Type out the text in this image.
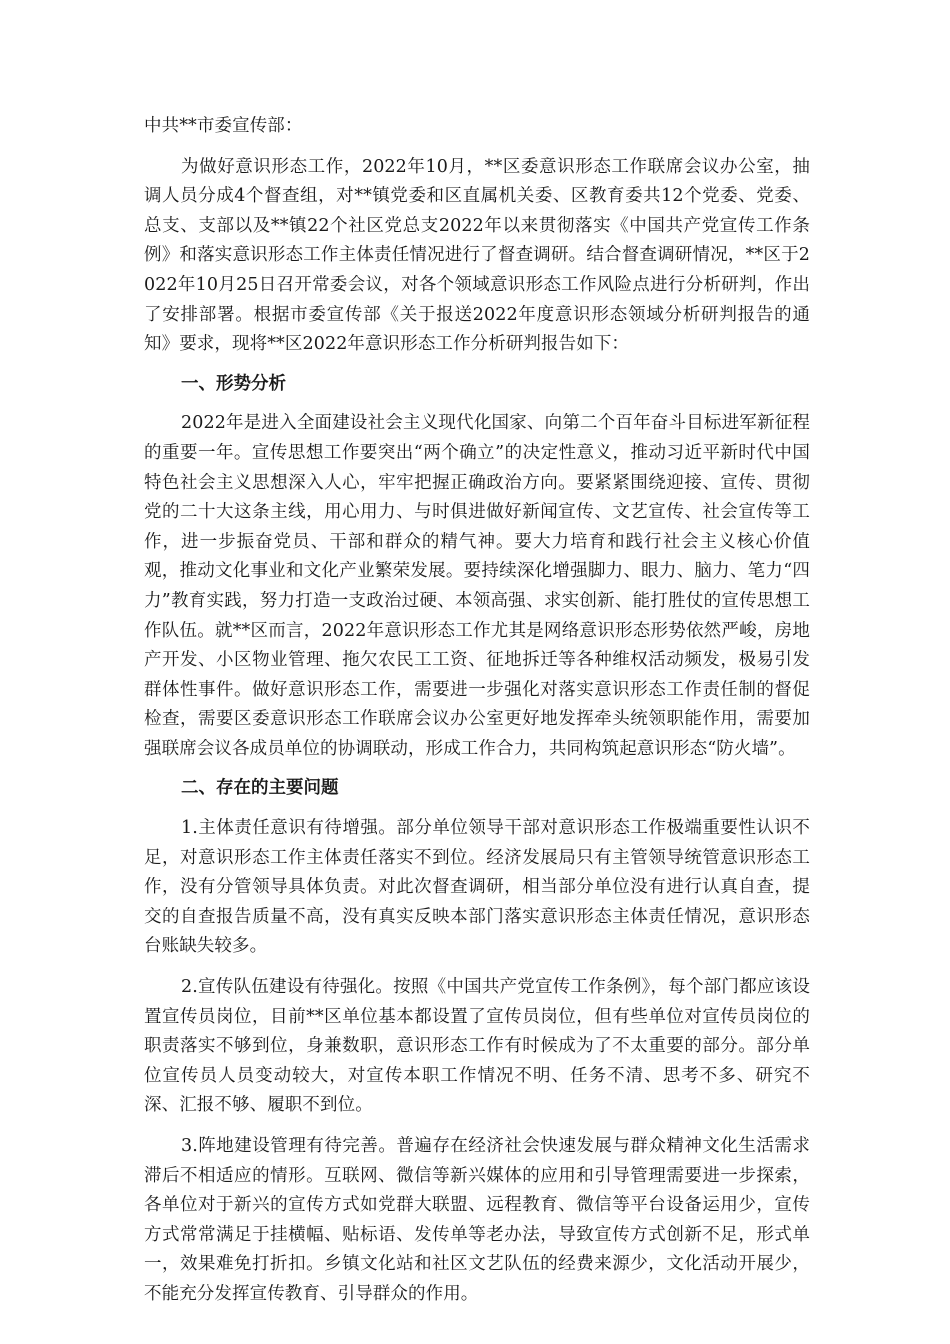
中共**市委宣传部：

为做好意识形态工作，2022年10月，**区委意识形态工作联席会议办公室，抽调人员分成4个督查组，对**镇党委和区直属机关委、区教育委共12个党委、党委、总支、支部以及**镇22个社区党总支2022年以来贯彻落实《中国共产党宣传工作条例》和落实意识形态工作主体责任情况进行了督查调研。结合督查调研情况，**区于2022年10月25日召开常委会议，对各个领域意识形态工作风险点进行分析研判，作出了安排部署。根据市委宣传部《关于报送2022年度意识形态领域分析研判报告的通知》要求，现将**区2022年意识形态工作分析研判报告如下：

一、形势分析

2022年是进入全面建设社会主义现代化国家、向第二个百年奋斗目标进军新征程的重要一年。宣传思想工作要突出“两个确立”的决定性意义，推动习近平新时代中国特色社会主义思想深入人心，牢牢把握正确政治方向。要紧紧围绕迎接、宣传、贯彻党的二十大这条主线，用心用力、与时俱进做好新闻宣传、文艺宣传、社会宣传等工作，进一步振奋党员、干部和群众的精气神。要大力培育和践行社会主义核心价值观，推动文化事业和文化产业繁荣发展。要持续深化增强脚力、眼力、脑力、笔力“四力”教育实践，努力打造一支政治过硬、本领高强、求实创新、能打胜仗的宣传思想工作队伍。就**区而言，2022年意识形态工作尤其是网络意识形态形势依然严峻，房地产开发、小区物业管理、拖欠农民工工资、征地拆迁等各种维权活动频发，极易引发群体性事件。做好意识形态工作，需要进一步强化对落实意识形态工作责任制的督促检查，需要区委意识形态工作联席会议办公室更好地发挥牵头统领职能作用，需要加强联席会议各成员单位的协调联动，形成工作合力，共同构筑起意识形态“防火墙”。

二、存在的主要问题

1.主体责任意识有待增强。部分单位领导干部对意识形态工作极端重要性认识不足，对意识形态工作主体责任落实不到位。经济发展局只有主管领导统管意识形态工作，没有分管领导具体负责。对此次督查调研，相当部分单位没有进行认真自查，提交的自查报告质量不高，没有真实反映本部门落实意识形态主体责任情况，意识形态台账缺失较多。

2.宣传队伍建设有待强化。按照《中国共产党宣传工作条例》，每个部门都应该设置宣传员岗位，目前**区单位基本都设置了宣传员岗位，但有些单位对宣传员岗位的职责落实不够到位，身兼数职，意识形态工作有时候成为了不太重要的部分。部分单位宣传员人员变动较大，对宣传本职工作情况不明、任务不清、思考不多、研究不深、汇报不够、履职不到位。

3.阵地建设管理有待完善。普遍存在经济社会快速发展与群众精神文化生活需求滞后不相适应的情形。互联网、微信等新兴媒体的应用和引导管理需要进一步探索，各单位对于新兴的宣传方式如党群大联盟、远程教育、微信等平台设备运用少，宣传方式常常满足于挂横幅、贴标语、发传单等老办法，导致宣传方式创新不足，形式单一，效果难免打折扣。乡镇文化站和社区文艺队伍的经费来源少，文化活动开展少，不能充分发挥宣传教育、引导群众的作用。
